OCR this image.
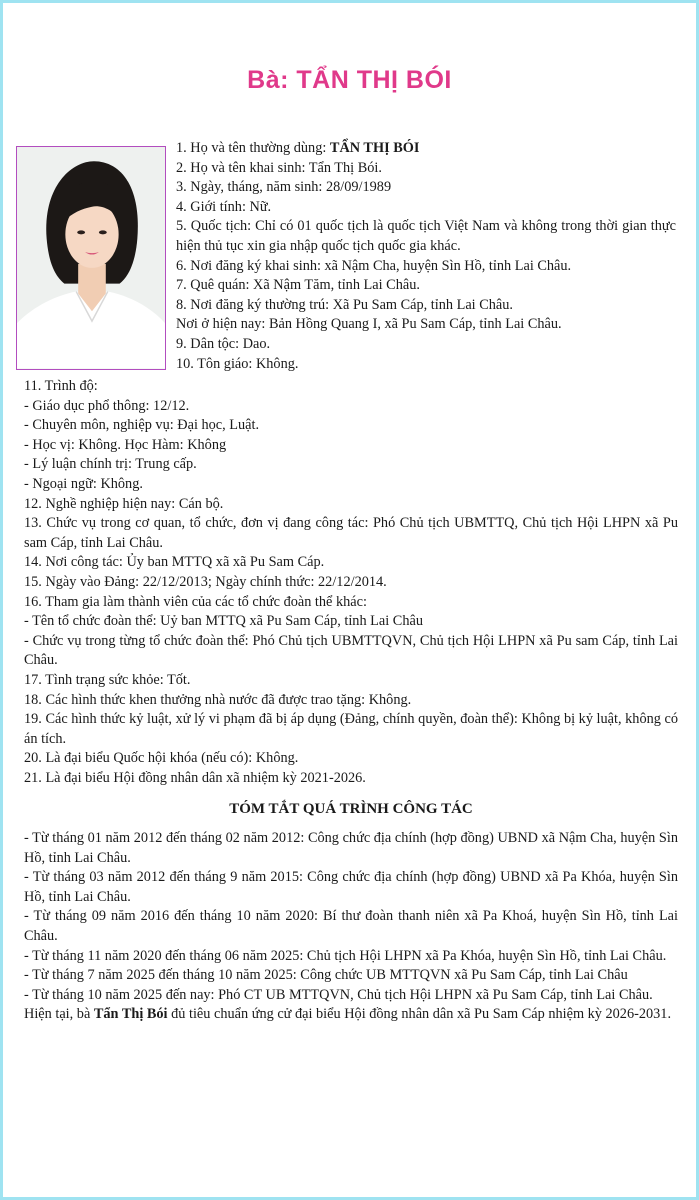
Bà: TẨN THỊ BÓI

1. Họ và tên thường dùng: TẨN THỊ BÓI

2. Họ và tên khai sinh: Tẩn Thị Bói.

3. Ngày, tháng, năm sinh: 28/09/1989

4. Giới tính: Nữ.

5. Quốc tịch: Chỉ có 01 quốc tịch là quốc tịch Việt Nam và không trong thời gian thực hiện thủ tục xin gia nhập quốc tịch quốc gia khác.

6. Nơi đăng ký khai sinh: xã Nậm Cha, huyện Sìn Hồ, tỉnh Lai Châu.

7. Quê quán: Xã Nậm Tăm, tỉnh Lai Châu.

8. Nơi đăng ký thường trú: Xã Pu Sam Cáp, tỉnh Lai Châu.

Nơi ở hiện nay: Bản Hồng Quang I, xã Pu Sam Cáp, tỉnh Lai Châu.

9. Dân tộc: Dao.

10. Tôn giáo: Không.

11. Trình độ:

- Giáo dục phổ thông: 12/12.

- Chuyên môn, nghiệp vụ: Đại học, Luật.

- Học vị: Không. Học Hàm: Không

- Lý luận chính trị: Trung cấp.

- Ngoại ngữ: Không.

12. Nghề nghiệp hiện nay: Cán bộ.

13. Chức vụ trong cơ quan, tổ chức, đơn vị đang công tác: Phó Chủ tịch UBMTTQ, Chủ tịch Hội LHPN xã Pu sam Cáp, tỉnh Lai Châu.

14. Nơi công tác: Ủy ban MTTQ xã xã Pu Sam Cáp.

15. Ngày vào Đảng: 22/12/2013; Ngày chính thức: 22/12/2014.

16. Tham gia làm thành viên của các tổ chức đoàn thể khác:

- Tên tổ chức đoàn thể: Uỷ ban MTTQ xã Pu Sam Cáp, tỉnh Lai Châu

- Chức vụ trong từng tổ chức đoàn thể: Phó Chủ tịch UBMTTQVN, Chủ tịch Hội LHPN xã Pu sam Cáp, tỉnh Lai Châu.

17. Tình trạng sức khỏe: Tốt.

18. Các hình thức khen thưởng nhà nước đã được trao tặng: Không.

19. Các hình thức kỷ luật, xử lý vi phạm đã bị áp dụng (Đảng, chính quyền, đoàn thể): Không bị kỷ luật, không có án tích.

20. Là đại biểu Quốc hội khóa (nếu có): Không.

21. Là đại biểu Hội đồng nhân dân xã nhiệm kỳ 2021-2026.

TÓM TẮT QUÁ TRÌNH CÔNG TÁC

- Từ tháng 01 năm 2012 đến tháng 02 năm 2012: Công chức địa chính (hợp đồng) UBND xã Nậm Cha, huyện Sìn Hồ, tỉnh Lai Châu.

- Từ tháng 03 năm 2012 đến tháng 9 năm 2015: Công chức địa chính (hợp đồng) UBND xã Pa Khóa, huyện Sìn Hồ, tỉnh Lai Châu.

- Từ tháng 09 năm 2016 đến tháng 10 năm 2020: Bí thư đoàn thanh niên xã Pa Khoá, huyện Sìn Hồ, tỉnh Lai Châu.

- Từ tháng 11 năm 2020 đến tháng 06 năm 2025: Chủ tịch Hội LHPN xã Pa Khóa, huyện Sìn Hồ, tỉnh Lai Châu.

- Từ tháng 7 năm 2025 đến tháng 10 năm 2025: Công chức UB MTTQVN xã Pu Sam Cáp, tỉnh Lai Châu

- Từ tháng 10 năm 2025 đến nay: Phó CT UB MTTQVN, Chủ tịch Hội LHPN xã Pu Sam Cáp, tỉnh Lai Châu.

Hiện tại, bà Tẩn Thị Bói đủ tiêu chuẩn ứng cử đại biểu Hội đồng nhân dân xã Pu Sam Cáp nhiệm kỳ 2026-2031.
